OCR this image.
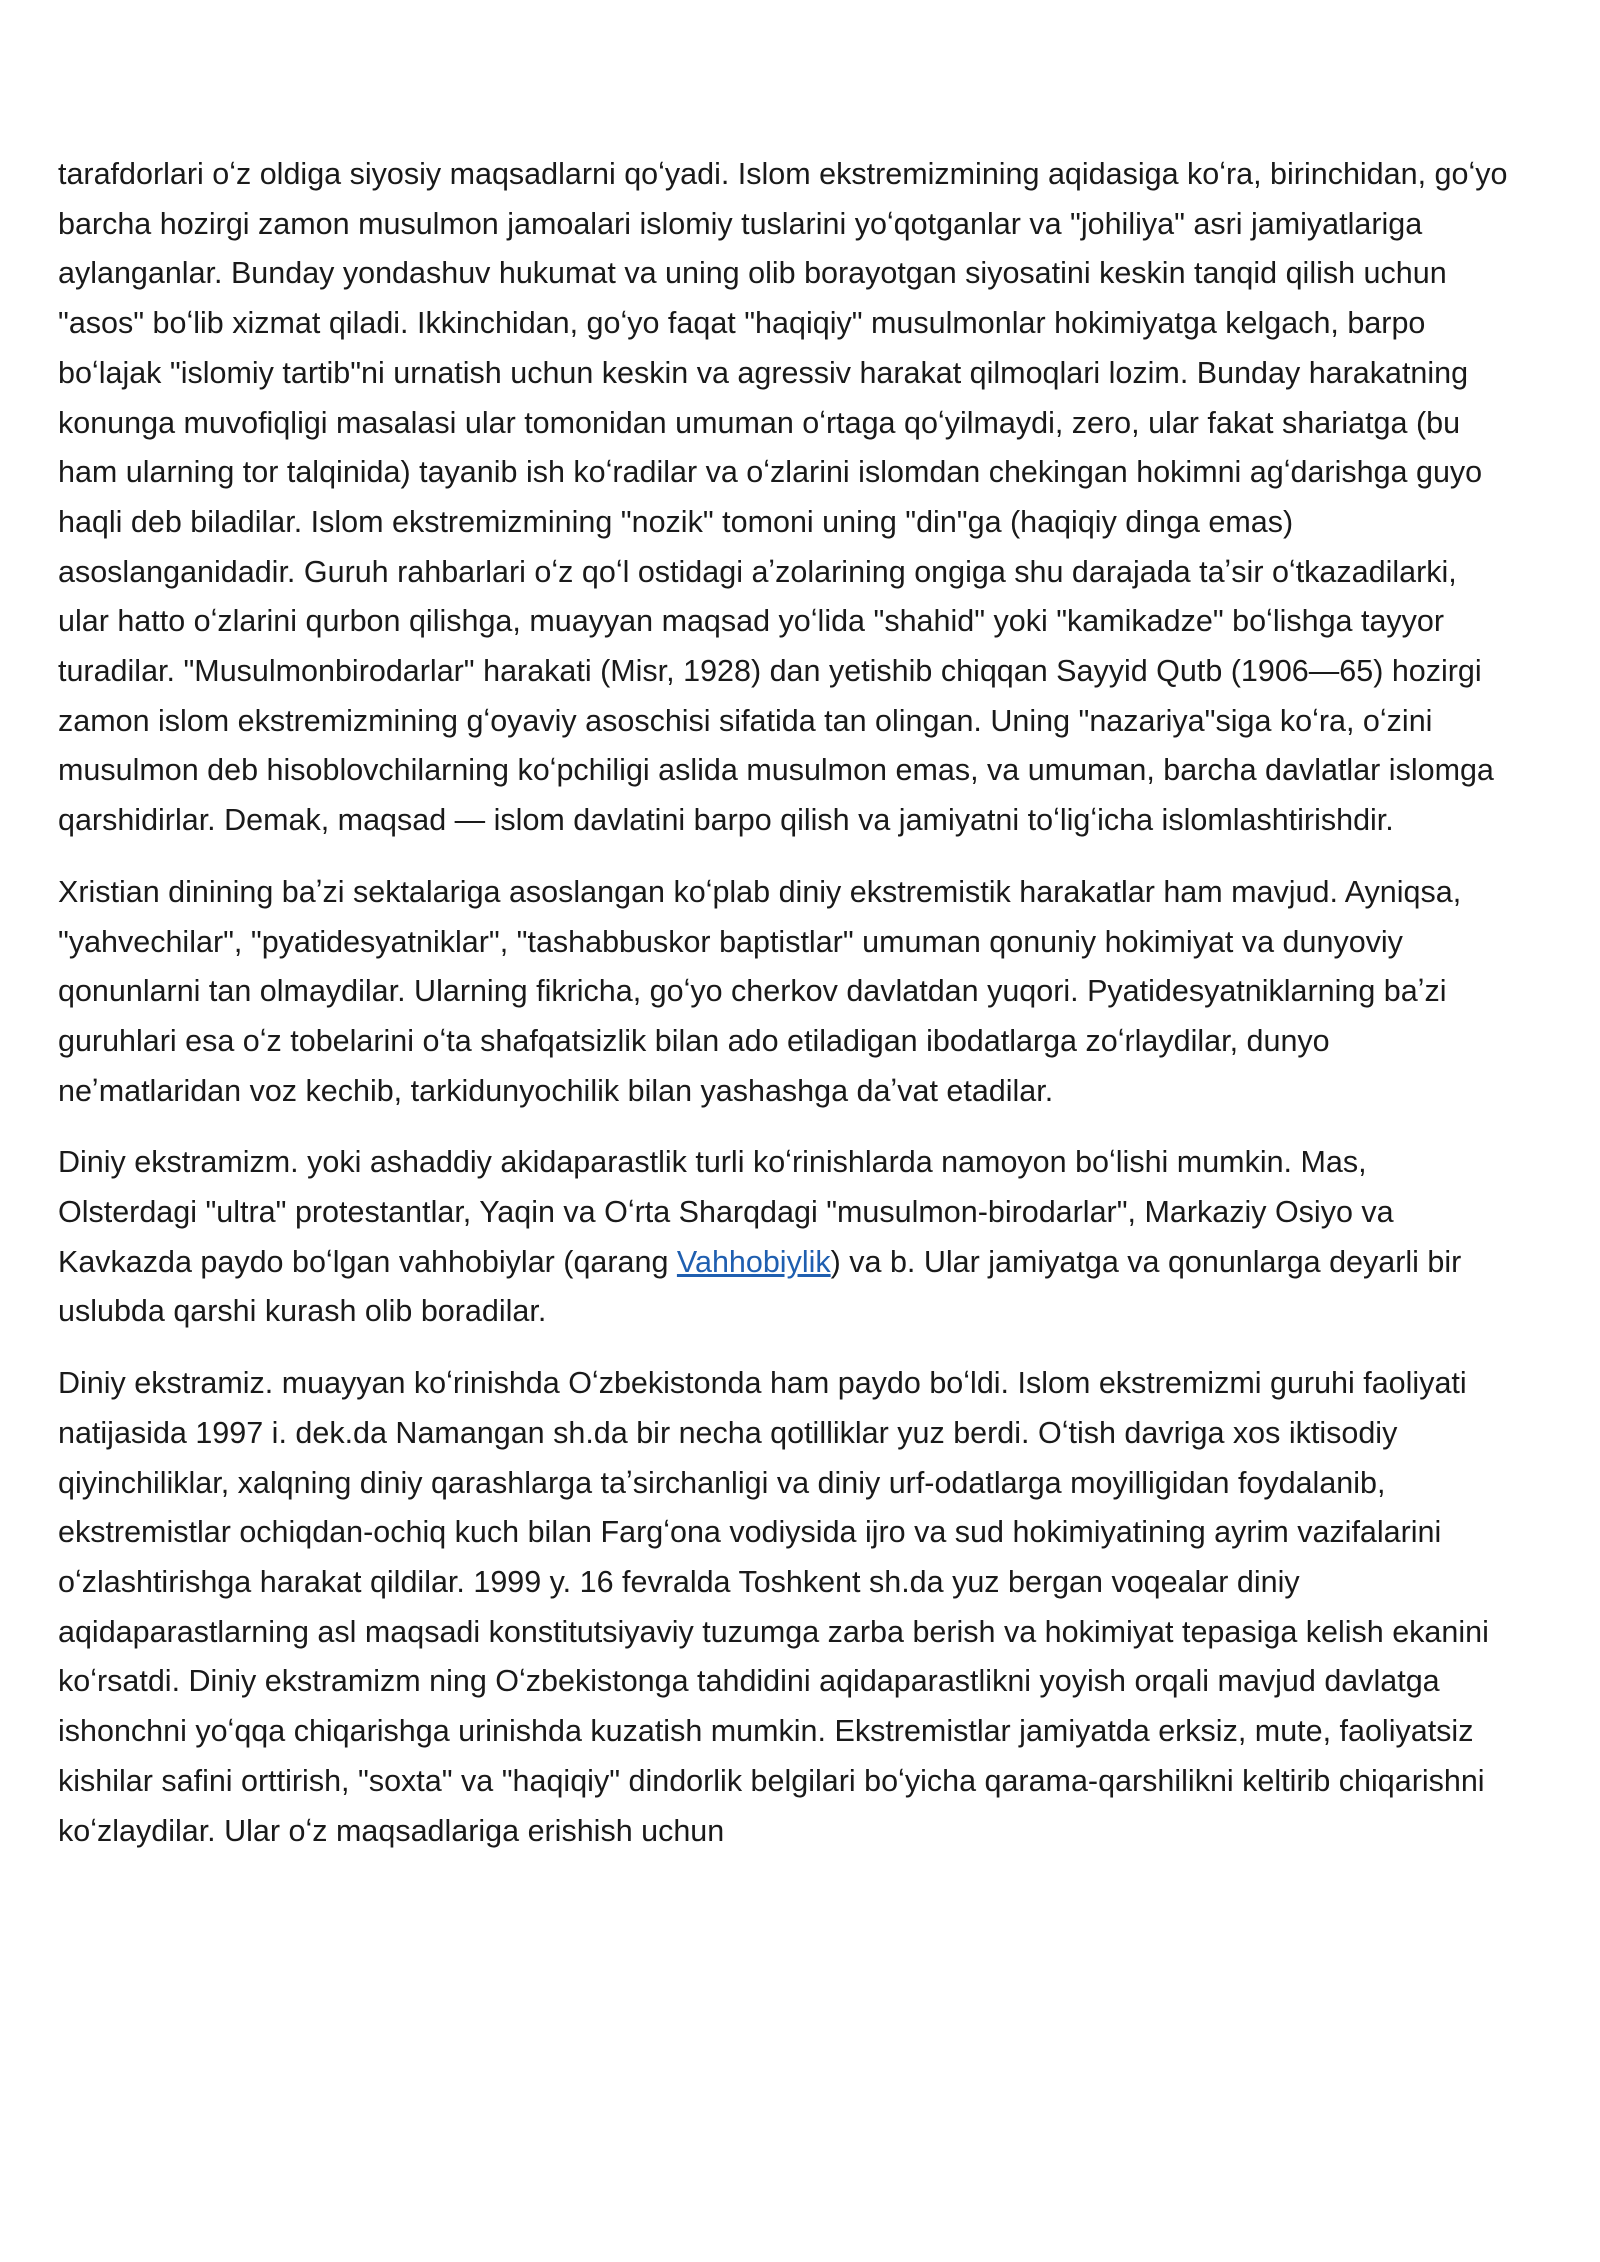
tarafdorlari oʻz oldiga siyosiy maqsadlarni qoʻyadi. Islom ekstremizmining aqidasiga koʻra, birinchidan, goʻyo barcha hozirgi zamon musulmon jamoalari islomiy tuslarini yoʻqotganlar va "johiliya" asri jamiyatlariga aylanganlar. Bunday yondashuv hukumat va uning olib borayotgan siyosatini keskin tanqid qilish uchun "asos" boʻlib xizmat qiladi. Ikkinchidan, goʻyo faqat "haqiqiy" musulmonlar hokimiyatga kelgach, barpo boʻlajak "islomiy tartib"ni urnatish uchun keskin va agressiv harakat qilmoqlari lozim. Bunday harakatning konunga muvofiqligi masalasi ular tomonidan umuman oʻrtaga qoʻyilmaydi, zero, ular fakat shariatga (bu ham ularning tor talqinida) tayanib ish koʻradilar va oʻzlarini islomdan chekingan hokimni agʻdarishga guyo haqli deb biladilar. Islom ekstremizmining "nozik" tomoni uning "din"ga (haqiqiy dinga emas) asoslanganidadir. Guruh rahbarlari oʻz qoʻl ostidagi aʼzolarining ongiga shu darajada taʼsir oʻtkazadilarki, ular hatto oʻzlarini qurbon qilishga, muayyan maqsad yoʻlida "shahid" yoki "kamikadze" boʻlishga tayyor turadilar. "Musulmonbirodarlar" harakati (Misr, 1928) dan yetishib chiqqan Sayyid Qutb (1906—65) hozirgi zamon islom ekstremizmining gʻoyaviy asoschisi sifatida tan olingan. Uning "nazariya"siga koʻra, oʻzini musulmon deb hisoblovchilarning koʻpchiligi aslida musulmon emas, va umuman, barcha davlatlar islomga qarshidirlar. Demak, maqsad — islom davlatini barpo qilish va jamiyatni toʻligʻicha islomlashtirishdir.

Xristian dinining baʼzi sektalariga asoslangan koʻplab diniy ekstremistik harakatlar ham mavjud. Ayniqsa, "yahvechilar", "pyatidesyatniklar", "tashabbuskor baptistlar" umuman qonuniy hokimiyat va dunyoviy qonunlarni tan olmaydilar. Ularning fikricha, goʻyo cherkov davlatdan yuqori. Pyatidesyatniklarning baʼzi guruhlari esa oʻz tobelarini oʻta shafqatsizlik bilan ado etiladigan ibodatlarga zoʻrlaydilar, dunyo neʼmatlaridan voz kechib, tarkidunyochilik bilan yashashga daʼvat etadilar.

Diniy ekstramizm. yoki ashaddiy akidaparastlik turli koʻrinishlarda namoyon boʻlishi mumkin. Mas, Olsterdagi "ultra" protestantlar, Yaqin va Oʻrta Sharqdagi "musulmon-birodarlar", Markaziy Osiyo va Kavkazda paydo boʻlgan vahhobiylar (qarang Vahhobiylik) va b. Ular jamiyatga va qonunlarga deyarli bir uslubda qarshi kurash olib boradilar.

Diniy ekstramiz. muayyan koʻrinishda Oʻzbekistonda ham paydo boʻldi. Islom ekstremizmi guruhi faoliyati natijasida 1997 i. dek.da Namangan sh.da bir necha qotilliklar yuz berdi. Oʻtish davriga xos iktisodiy qiyinchiliklar, xalqning diniy qarashlarga taʼsirchanligi va diniy urf-odatlarga moyilligidan foydalanib, ekstremistlar ochiqdan-ochiq kuch bilan Fargʻona vodiysida ijro va sud hokimiyatining ayrim vazifalarini oʻzlashtirishga harakat qildilar. 1999 y. 16 fevralda Toshkent sh.da yuz bergan voqealar diniy aqidaparastlarning asl maqsadi konstitutsiyaviy tuzumga zarba berish va hokimiyat tepasiga kelish ekanini koʻrsatdi. Diniy ekstramizm ning Oʻzbekistonga tahdidini aqidaparastlikni yoyish orqali mavjud davlatga ishonchni yoʻqqa chiqarishga urinishda kuzatish mumkin. Ekstremistlar jamiyatda erksiz, mute, faoliyatsiz kishilar safini orttirish, "soxta" va "haqiqiy" dindorlik belgilari boʻyicha qarama-qarshilikni keltirib chiqarishni koʻzlaydilar. Ular oʻz maqsadlariga erishish uchun
